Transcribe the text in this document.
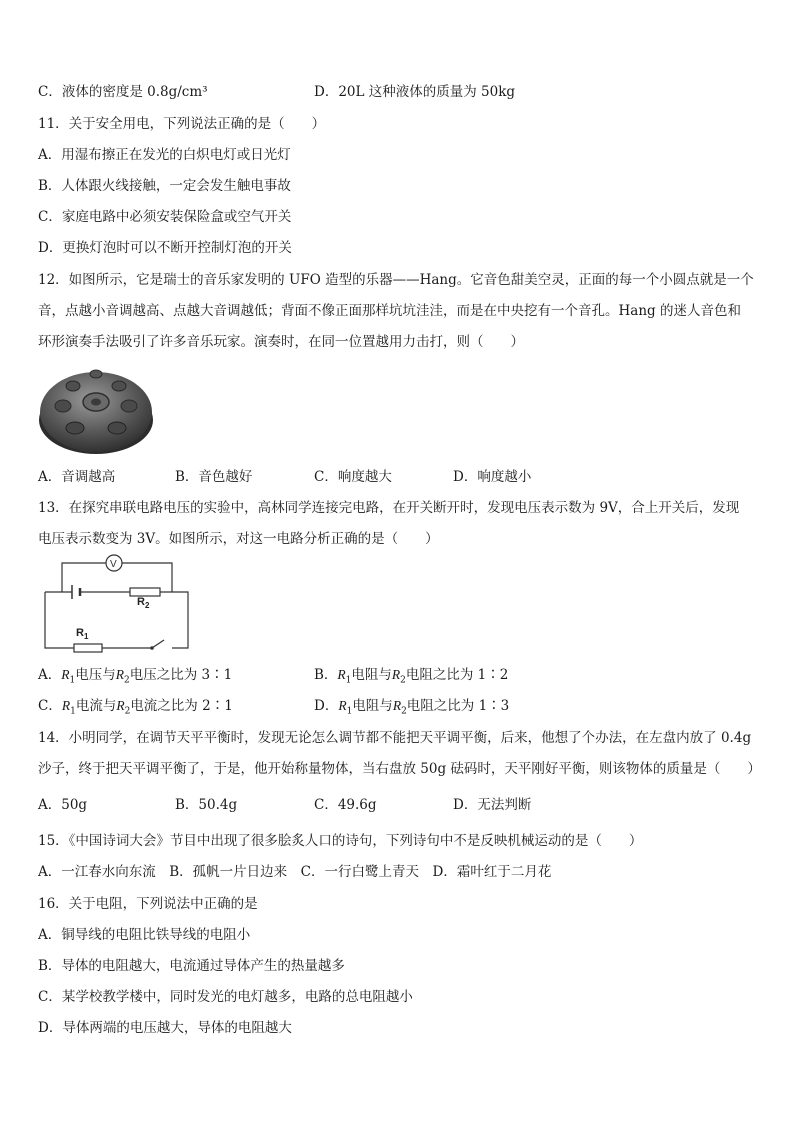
C．液体的密度是 0.8g/cm³	D．20L 这种液体的质量为 50kg
11．关于安全用电，下列说法正确的是（　　）
A．用湿布擦正在发光的白炽电灯或日光灯
B．人体跟火线接触，一定会发生触电事故
C．家庭电路中必须安装保险盒或空气开关
D．更换灯泡时可以不断开控制灯泡的开关
12．如图所示，它是瑞士的音乐家发明的 UFO 造型的乐器——Hang。它音色甜美空灵，正面的每一个小圆点就是一个
音，点越小音调越高、点越大音调越低；背面不像正面那样坑坑洼洼，而是在中央挖有一个音孔。Hang 的迷人音色和
环形演奏手法吸引了许多音乐玩家。演奏时，在同一位置越用力击打，则（　　）
A．音调越高	B．音色越好	C．响度越大	D．响度越小
13．在探究串联电路电压的实验中，高林同学连接完电路，在开关断开时，发现电压表示数为 9V，合上开关后，发现
电压表示数变为 3V。如图所示，对这一电路分析正确的是（　　）
V
$R_2$
$R_1$
A．$R_1$电压与$R_2$电压之比为 3∶1	B．$R_1$电阻与$R_2$电阻之比为 1∶2
C．$R_1$电流与$R_2$电流之比为 2∶1	D．$R_1$电阻与$R_2$电阻之比为 1∶3
14．小明同学，在调节天平平衡时，发现无论怎么调节都不能把天平调平衡，后来，他想了个办法，在左盘内放了 0.4g
沙子，终于把天平调平衡了，于是，他开始称量物体，当右盘放 50g 砝码时，天平刚好平衡，则该物体的质量是（　　）
A．50g	B．50.4g	C．49.6g	D．无法判断
15．《中国诗词大会》节目中出现了很多脍炙人口的诗句，下列诗句中不是反映机械运动的是（　　）
A．一江春水向东流　B．孤帆一片日边来　C．一行白鹭上青天　D．霜叶红于二月花
16．关于电阻，下列说法中正确的是
A．铜导线的电阻比铁导线的电阻小
B．导体的电阻越大，电流通过导体产生的热量越多
C．某学校教学楼中，同时发光的电灯越多，电路的总电阻越小
D．导体两端的电压越大，导体的电阻越大
